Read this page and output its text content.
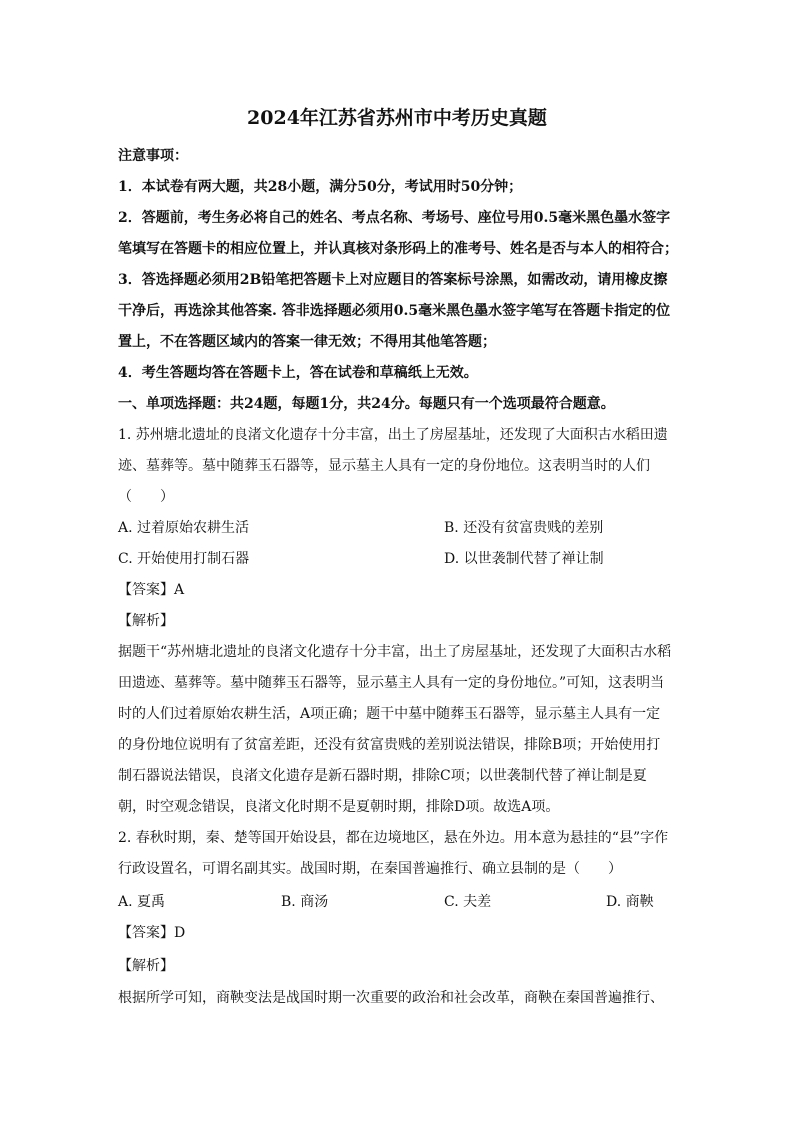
2024年江苏省苏州市中考历史真题
注意事项：
1．本试卷有两大题，共28小题，满分50分，考试用时50分钟；
2．答题前，考生务必将自己的姓名、考点名称、考场号、座位号用0.5毫米黑色墨水签字
笔填写在答题卡的相应位置上，并认真核对条形码上的准考号、姓名是否与本人的相符合；
3．答选择题必须用2B铅笔把答题卡上对应题目的答案标号涂黑，如需改动，请用橡皮擦
干净后，再选涂其他答案. 答非选择题必须用0.5毫米黑色墨水签字笔写在答题卡指定的位
置上，不在答题区域内的答案一律无效；不得用其他笔答题；
4．考生答题均答在答题卡上，答在试卷和草稿纸上无效。
一、单项选择题：共24题，每题1分，共24分。每题只有一个选项最符合题意。
1. 苏州塘北遗址的良渚文化遗存十分丰富，出土了房屋基址，还发现了大面积古水稻田遗
迹、墓葬等。墓中随葬玉石器等，显示墓主人具有一定的身份地位。这表明当时的人们
（　　）
A. 过着原始农耕生活	B. 还没有贫富贵贱的差别
C. 开始使用打制石器	D. 以世袭制代替了禅让制
【答案】A
【解析】
据题干“苏州塘北遗址的良渚文化遗存十分丰富，出土了房屋基址，还发现了大面积古水稻
田遗迹、墓葬等。墓中随葬玉石器等，显示墓主人具有一定的身份地位。”可知，这表明当
时的人们过着原始农耕生活，A项正确；题干中墓中随葬玉石器等，显示墓主人具有一定
的身份地位说明有了贫富差距，还没有贫富贵贱的差别说法错误，排除B项；开始使用打
制石器说法错误，良渚文化遗存是新石器时期，排除C项；以世袭制代替了禅让制是夏
朝，时空观念错误，良渚文化时期不是夏朝时期，排除D项。故选A项。
2. 春秋时期，秦、楚等国开始设县，都在边境地区，悬在外边。用本意为悬挂的“县”字作
行政设置名，可谓名副其实。战国时期，在秦国普遍推行、确立县制的是（　　）
A. 夏禹	B. 商汤	C. 夫差	D. 商鞅
【答案】D
【解析】
根据所学可知，商鞅变法是战国时期一次重要的政治和社会改革，商鞅在秦国普遍推行、
